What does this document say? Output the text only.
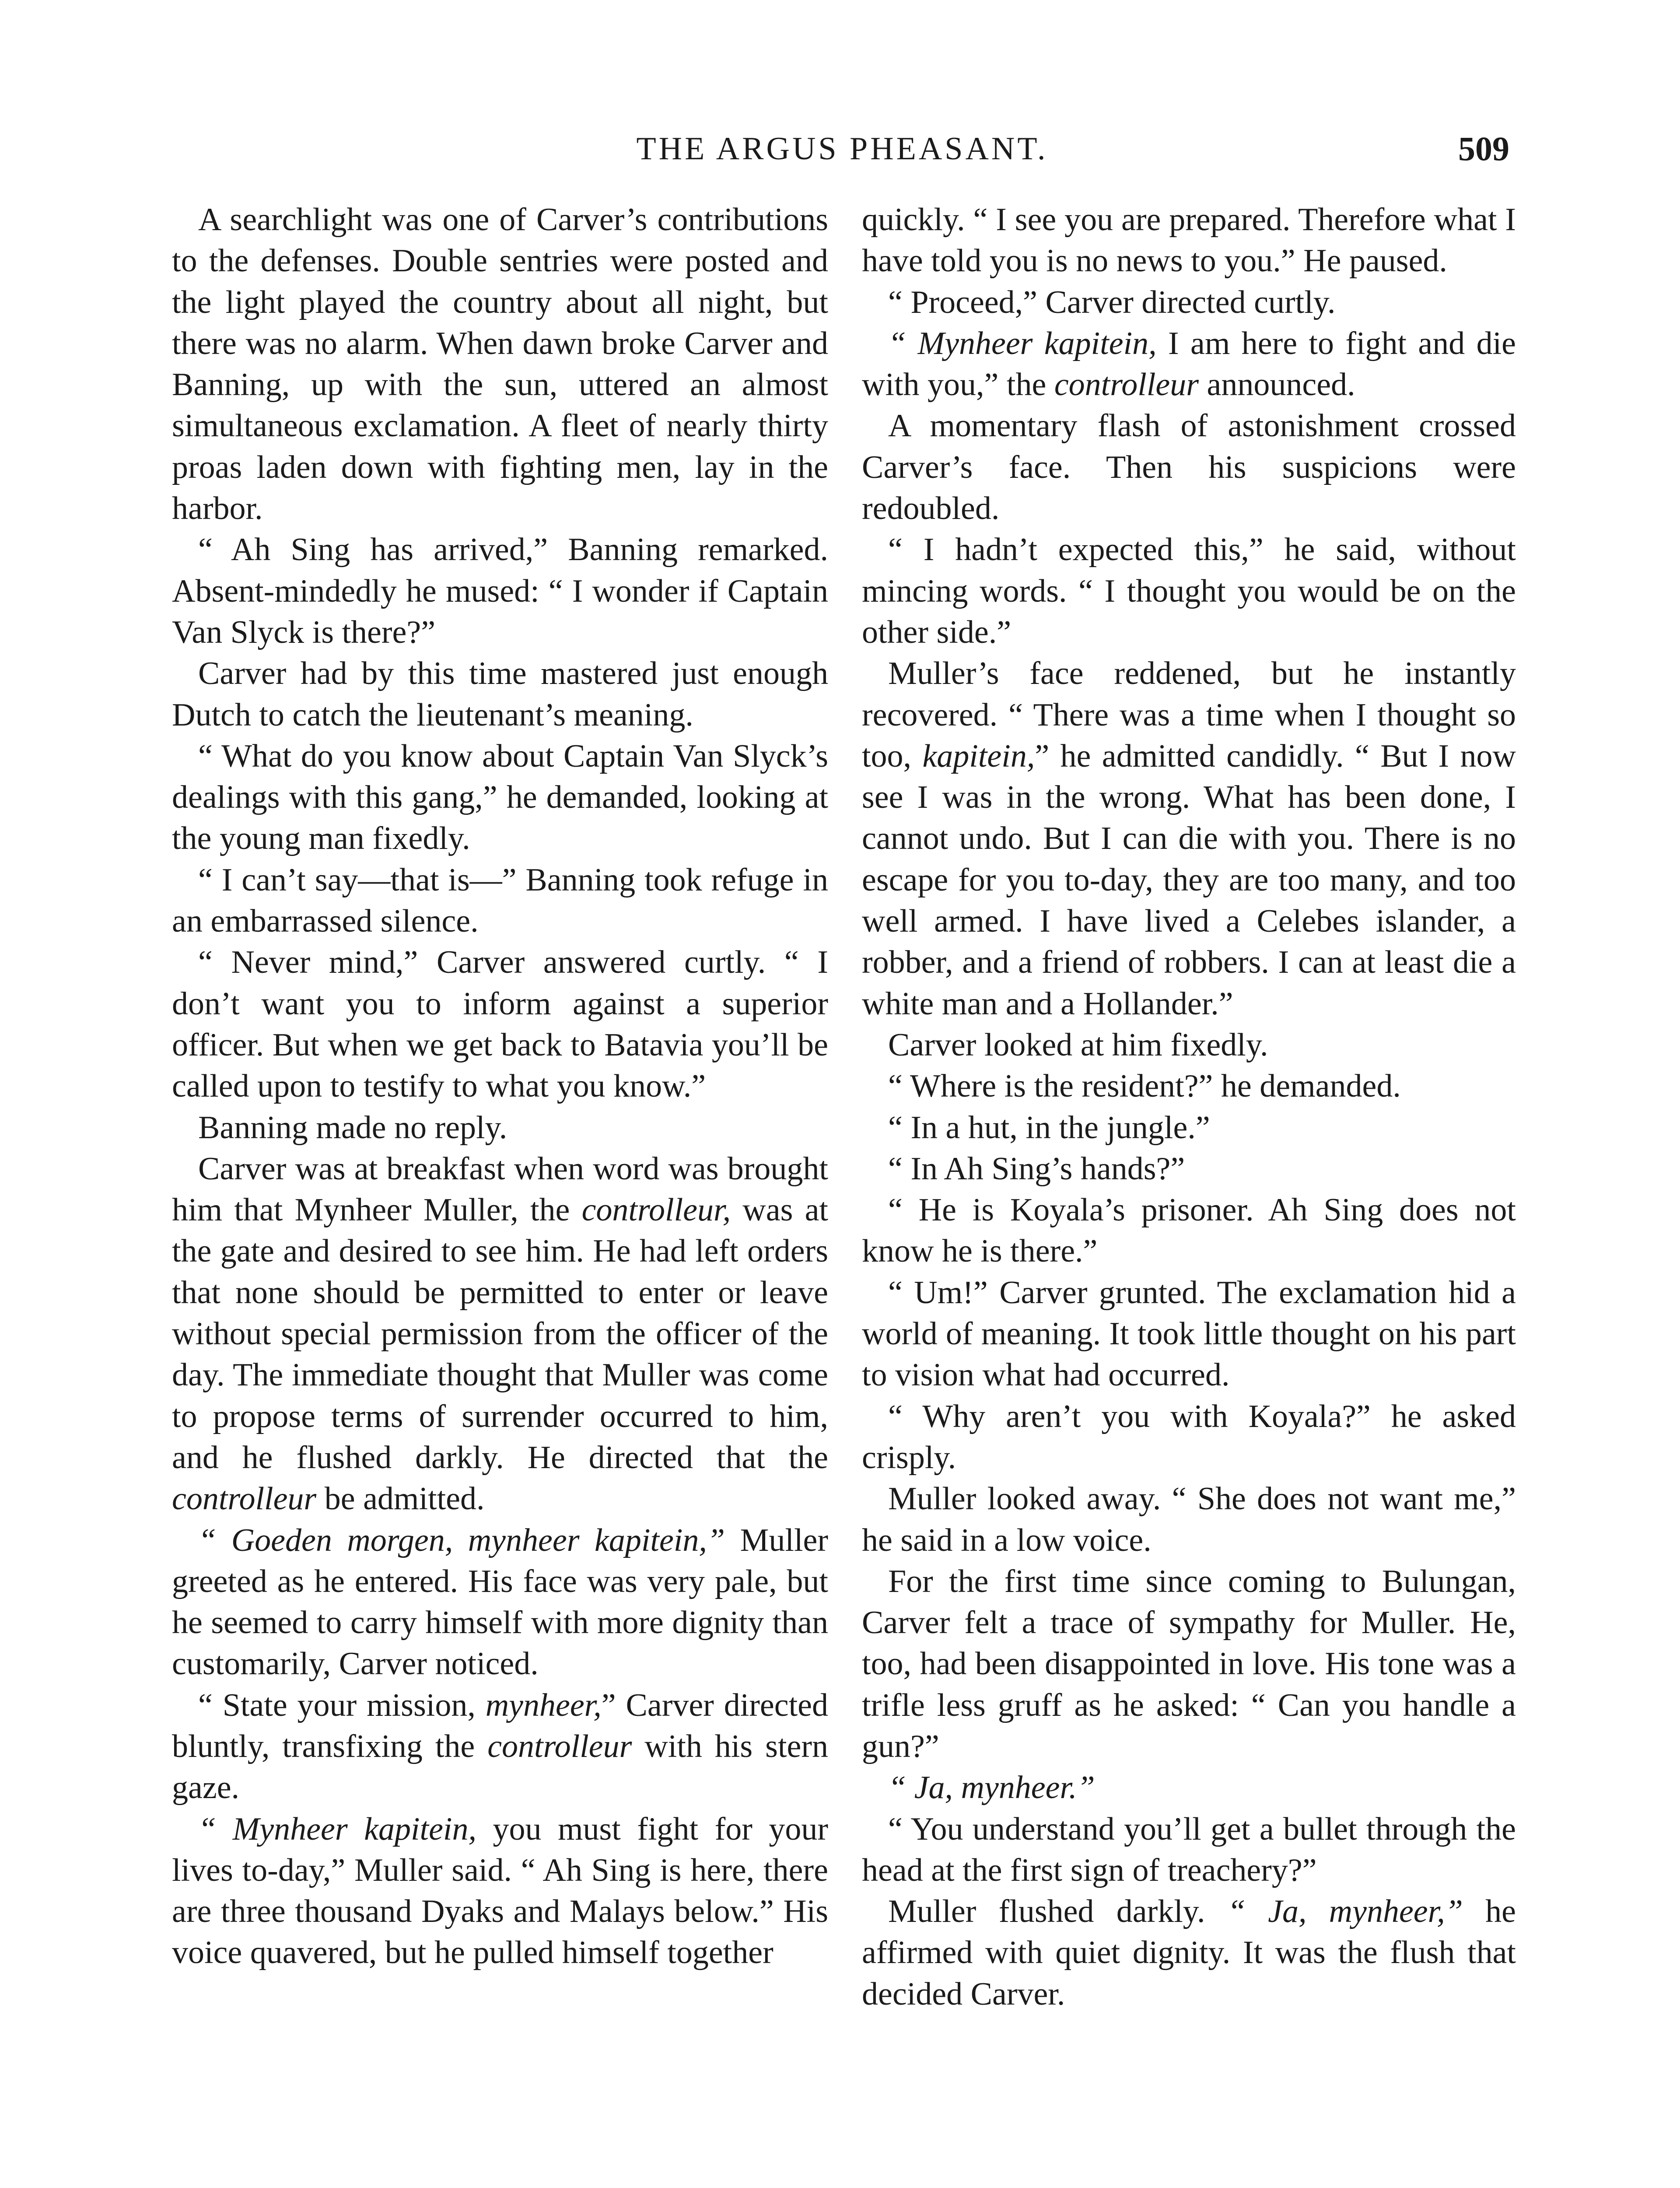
THE ARGUS PHEASANT.	509

A searchlight was one of Carver’s contributions to the defenses. Double sentries were posted and the light played the country about all night, but there was no alarm. When dawn broke Carver and Banning, up with the sun, uttered an almost simultaneous exclamation. A fleet of nearly thirty proas laden down with fighting men, lay in the harbor.

“ Ah Sing has arrived,” Banning remarked. Absent-mindedly he mused: “ I wonder if Captain Van Slyck is there?”

Carver had by this time mastered just enough Dutch to catch the lieutenant’s meaning.

“ What do you know about Captain Van Slyck’s dealings with this gang,” he demanded, looking at the young man fixedly.

“ I can’t say—that is—” Banning took refuge in an embarrassed silence.

“ Never mind,” Carver answered curtly. “ I don’t want you to inform against a superior officer. But when we get back to Batavia you’ll be called upon to testify to what you know.”

Banning made no reply.

Carver was at breakfast when word was brought him that Mynheer Muller, the controlleur, was at the gate and desired to see him. He had left orders that none should be permitted to enter or leave without special permission from the officer of the day. The immediate thought that Muller was come to propose terms of surrender occurred to him, and he flushed darkly. He directed that the controlleur be admitted.

“ Goeden morgen, mynheer kapitein,” Muller greeted as he entered. His face was very pale, but he seemed to carry himself with more dignity than customarily, Carver noticed.

“ State your mission, mynheer,” Carver directed bluntly, transfixing the controlleur with his stern gaze.

“ Mynheer kapitein, you must fight for your lives to-day,” Muller said. “ Ah Sing is here, there are three thousand Dyaks and Malays below.” His voice quavered, but he pulled himself together

quickly. “ I see you are prepared. Therefore what I have told you is no news to you.” He paused.

“ Proceed,” Carver directed curtly.

“ Mynheer kapitein, I am here to fight and die with you,” the controlleur announced.

A momentary flash of astonishment crossed Carver’s face. Then his suspicions were redoubled.

“ I hadn’t expected this,” he said, without mincing words. “ I thought you would be on the other side.”

Muller’s face reddened, but he instantly recovered. “ There was a time when I thought so too, kapitein,” he admitted candidly. “ But I now see I was in the wrong. What has been done, I cannot undo. But I can die with you. There is no escape for you to-day, they are too many, and too well armed. I have lived a Celebes islander, a robber, and a friend of robbers. I can at least die a white man and a Hollander.”

Carver looked at him fixedly.

“ Where is the resident?” he demanded.

“ In a hut, in the jungle.”

“ In Ah Sing’s hands?”

“ He is Koyala’s prisoner. Ah Sing does not know he is there.”

“ Um!” Carver grunted. The exclamation hid a world of meaning. It took little thought on his part to vision what had occurred.

“ Why aren’t you with Koyala?” he asked crisply.

Muller looked away. “ She does not want me,” he said in a low voice.

For the first time since coming to Bulungan, Carver felt a trace of sympathy for Muller. He, too, had been disappointed in love. His tone was a trifle less gruff as he asked: “ Can you handle a gun?”

“ Ja, mynheer.”

“ You understand you’ll get a bullet through the head at the first sign of treachery?”

Muller flushed darkly. “ Ja, mynheer,” he affirmed with quiet dignity. It was the flush that decided Carver.
